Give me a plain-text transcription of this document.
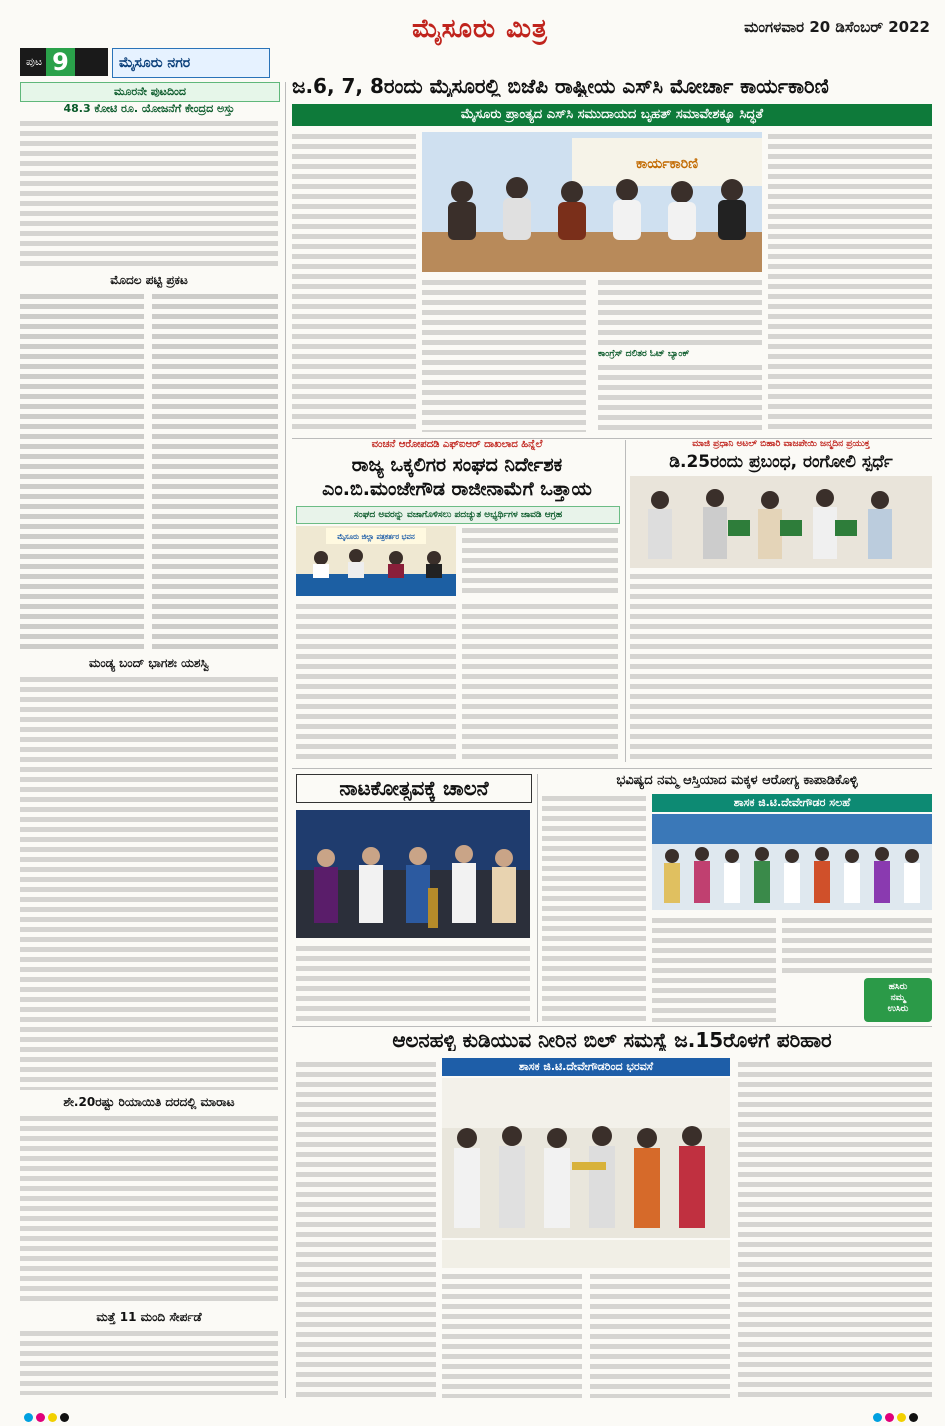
ಮೈಸೂರು ಮಿತ್ರ	ಮಂಗಳವಾರ 20 ಡಿಸೆಂಬರ್ 2022
ಪುಟ 9	ಮೈಸೂರು ನಗರ
ಮೂರನೇ ಪುಟದಿಂದ
48.3 ಕೋಟಿ ರೂ. ಯೋಜನೆಗೆ ಕೇಂದ್ರದ ಅಸ್ತು
ಮೊದಲ ಪಟ್ಟಿ ಪ್ರಕಟ
ಮಂಡ್ಯ ಬಂದ್ ಭಾಗಶಃ ಯಶಸ್ವಿ
ಶೇ.20ರಷ್ಟು ರಿಯಾಯಿತಿ ದರದಲ್ಲಿ ಮಾರಾಟ
ಮತ್ತೆ 11 ಮಂದಿ ಸೇರ್ಪಡೆ
ಜ.6, 7, 8ರಂದು ಮೈಸೂರಲ್ಲಿ ಬಿಜೆಪಿ ರಾಷ್ಟ್ರೀಯ ಎಸ್‌ಸಿ ಮೋರ್ಚಾ ಕಾರ್ಯಕಾರಿಣಿ
ಮೈಸೂರು ಪ್ರಾಂತ್ಯದ ಎಸ್‌ಸಿ ಸಮುದಾಯದ ಬೃಹತ್ ಸಮಾವೇಶಕ್ಕೂ ಸಿದ್ಧತೆ
ಕಾರ್ಯಕಾರಿಣಿ
ಕಾಂಗ್ರೆಸ್ ದಲಿತರ ಓಟ್ ಬ್ಯಾಂಕ್
ವಂಚನೆ ಆರೋಪದಡಿ ಎಫ್‌ಐಆರ್ ದಾಖಲಾದ ಹಿನ್ನೆಲೆ
ರಾಜ್ಯ ಒಕ್ಕಲಿಗರ ಸಂಘದ ನಿರ್ದೇಶಕ
ಎಂ.ಬಿ.ಮಂಜೇಗೌಡ ರಾಜೀನಾಮೆಗೆ ಒತ್ತಾಯ
ಸಂಘದ ಅವರನ್ನು ವಜಾಗೊಳಿಸಲು ಪದಚ್ಯುತ ಅಭ್ಯರ್ಥಿಗಳ ಜಾವಡಿ ಆಗ್ರಹ
ಮೈಸೂರು ಜಿಲ್ಲಾ ಪತ್ರಕರ್ತರ ಭವನ
ಮಾಜಿ ಪ್ರಧಾನಿ ಅಟಲ್ ಬಿಹಾರಿ ವಾಜಪೇಯಿ ಜನ್ಮದಿನ ಪ್ರಯುಕ್ತ
ಡಿ.25ರಂದು ಪ್ರಬಂಧ, ರಂಗೋಲಿ ಸ್ಪರ್ಧೆ
ನಾಟಕೋತ್ಸವಕ್ಕೆ ಚಾಲನೆ	ಭವಿಷ್ಯದ ನಮ್ಮ ಆಸ್ತಿಯಾದ ಮಕ್ಕಳ ಆರೋಗ್ಯ ಕಾಪಾಡಿಕೊಳ್ಳಿ
ಶಾಸಕ ಜಿ.ಟಿ.ದೇವೇಗೌಡರ ಸಲಹೆ
ಹಸಿರು
ನಮ್ಮ
ಉಸಿರು
ಆಲನಹಳ್ಳಿ ಕುಡಿಯುವ ನೀರಿನ ಬಿಲ್ ಸಮಸ್ಯೆ ಜ.15ರೊಳಗೆ ಪರಿಹಾರ
ಶಾಸಕ ಜಿ.ಟಿ.ದೇವೇಗೌಡರಿಂದ ಭರವಸೆ
